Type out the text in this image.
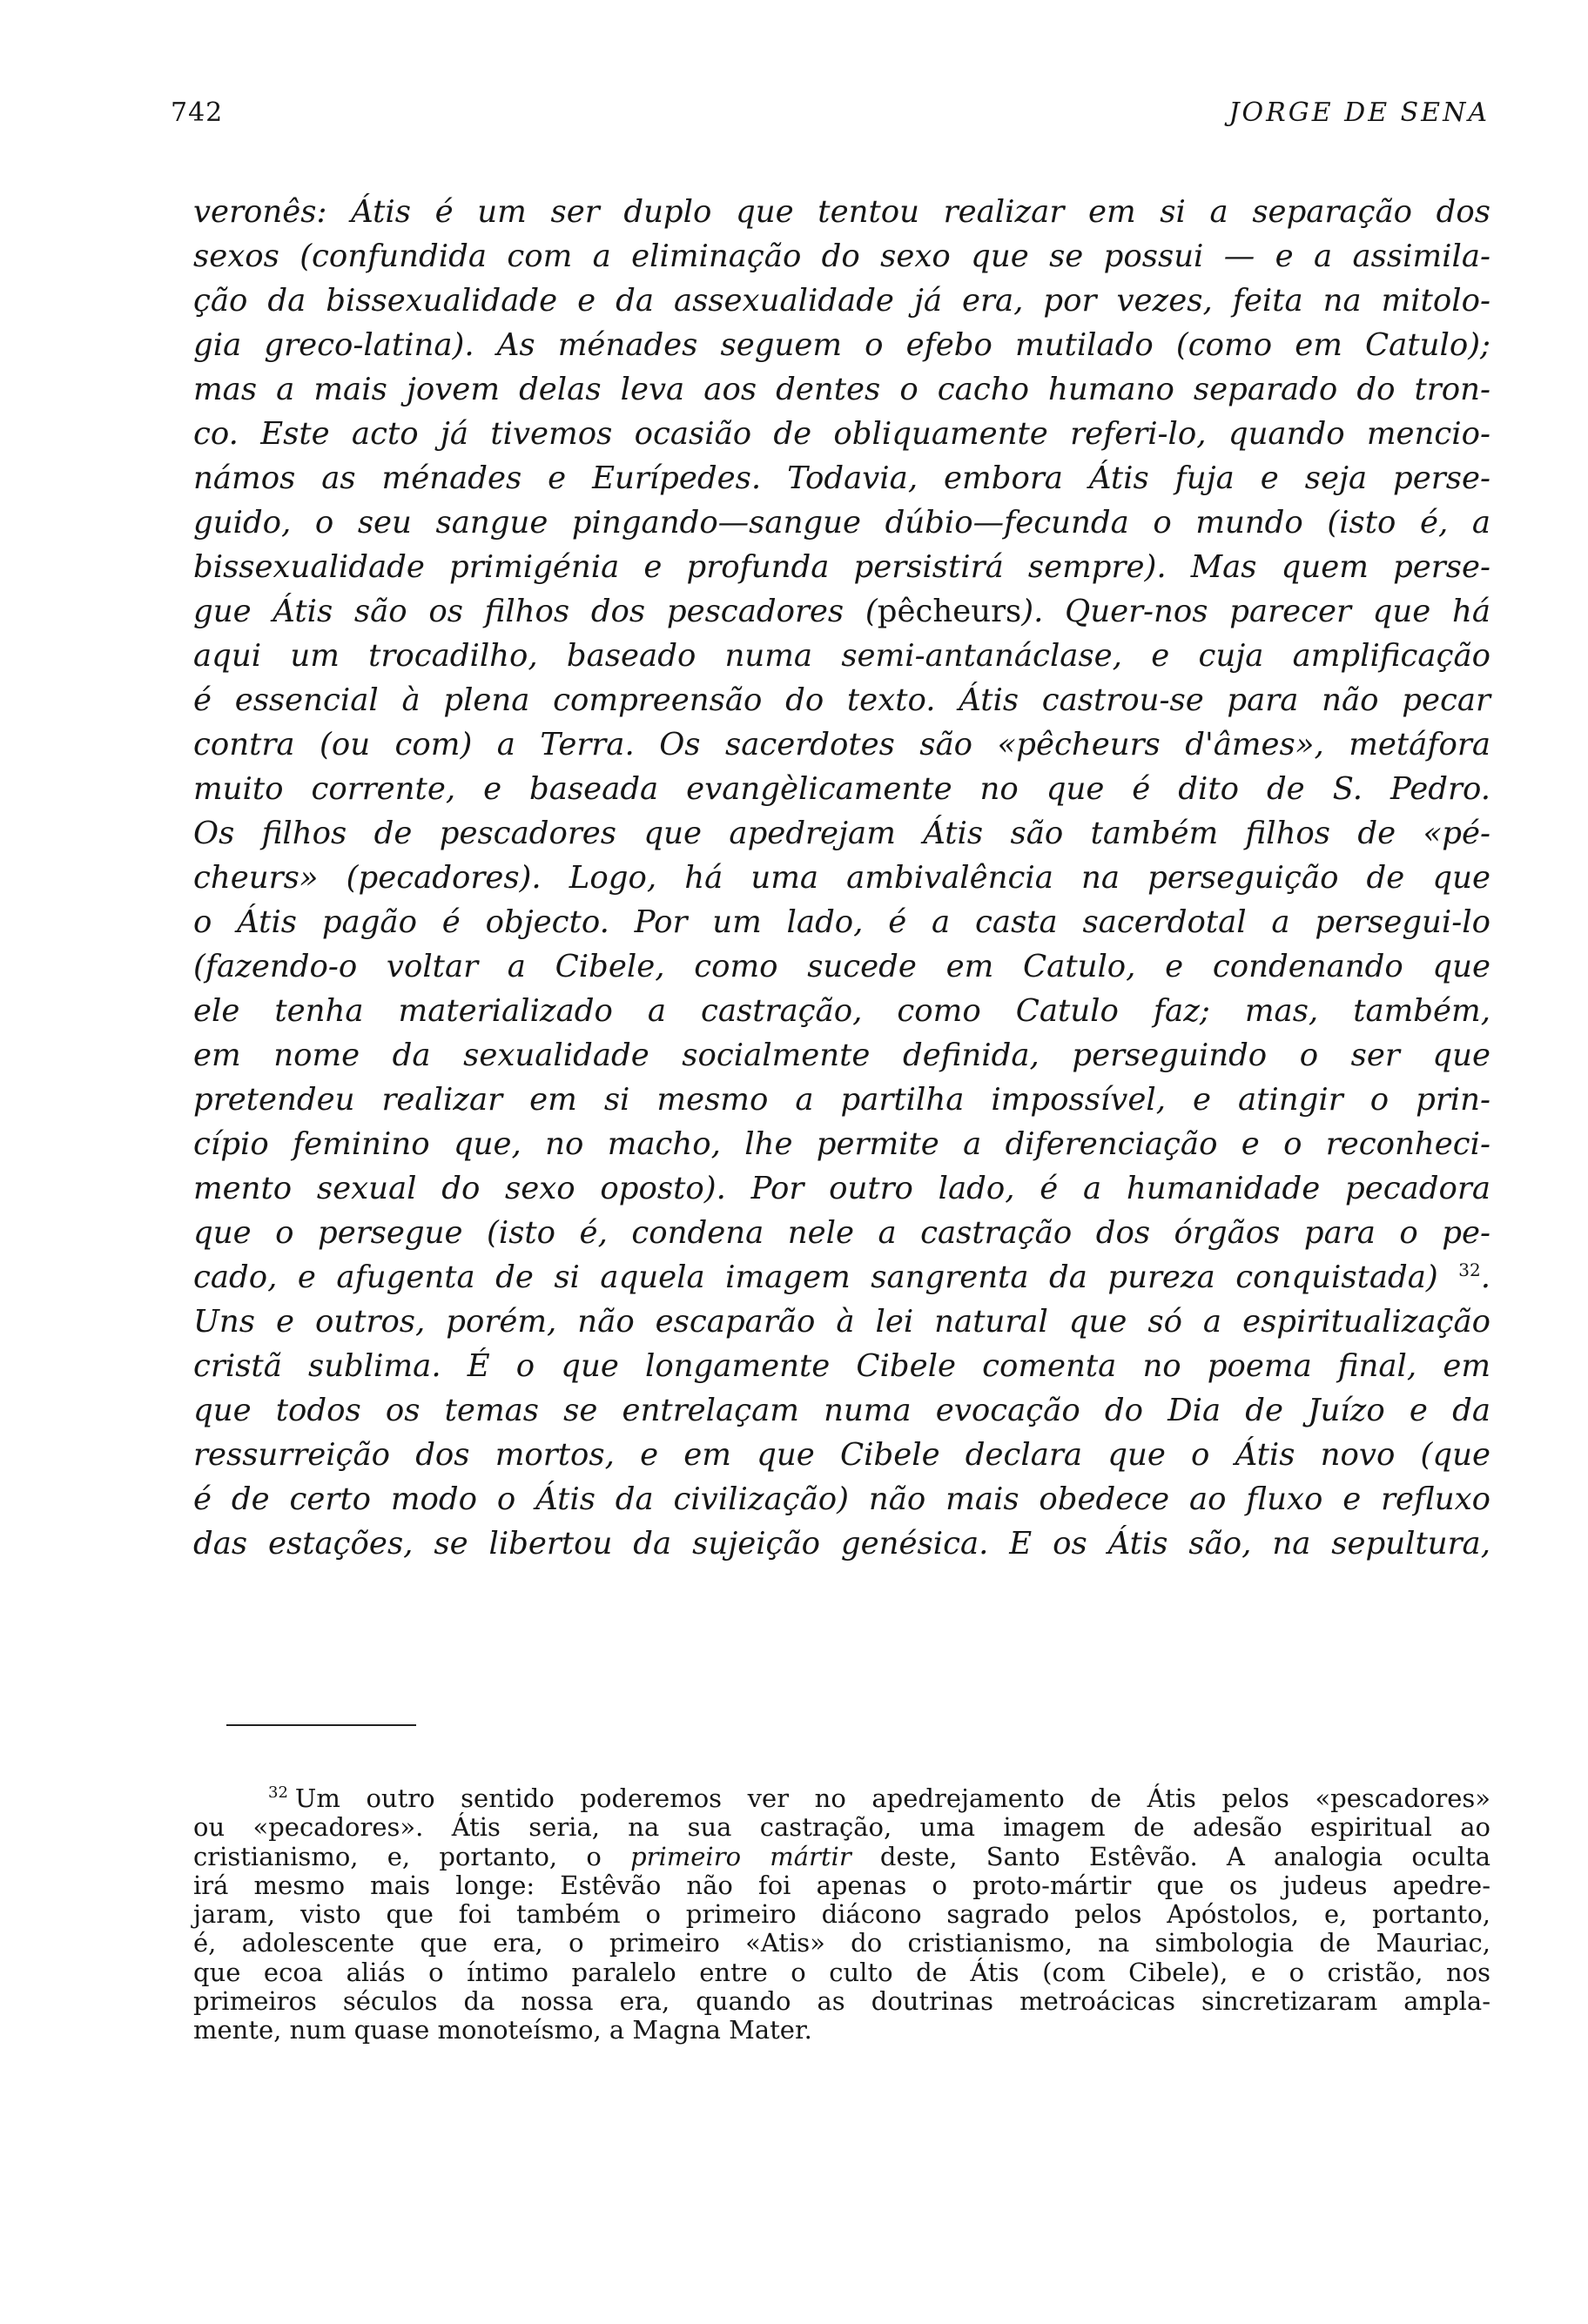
742	JORGE DE SENA
veronês: Átis é um ser duplo que tentou realizar em si a separação dos
sexos (confundida com a eliminação do sexo que se possui — e a assimila-
ção da bissexualidade e da assexualidade já era, por vezes, feita na mitolo-
gia greco-latina). As ménades seguem o efebo mutilado (como em Catulo);
mas a mais jovem delas leva aos dentes o cacho humano separado do tron-
co. Este acto já tivemos ocasião de obliquamente referi-lo, quando mencio-
námos as ménades e Eurípedes. Todavia, embora Átis fuja e seja perse-
guido, o seu sangue pingando—sangue dúbio—fecunda o mundo (isto é, a
bissexualidade primigénia e profunda persistirá sempre). Mas quem perse-
gue Átis são os filhos dos pescadores (pêcheurs). Quer-nos parecer que há
aqui um trocadilho, baseado numa semi-antanáclase, e cuja amplificação
é essencial à plena compreensão do texto. Átis castrou-se para não pecar
contra (ou com) a Terra. Os sacerdotes são «pêcheurs d'âmes», metáfora
muito corrente, e baseada evangèlicamente no que é dito de S. Pedro.
Os filhos de pescadores que apedrejam Átis são também filhos de «pé-
cheurs» (pecadores). Logo, há uma ambivalência na perseguição de que
o Átis pagão é objecto. Por um lado, é a casta sacerdotal a persegui-lo
(fazendo-o voltar a Cibele, como sucede em Catulo, e condenando que
ele tenha materializado a castração, como Catulo faz; mas, também,
em nome da sexualidade socialmente definida, perseguindo o ser que
pretendeu realizar em si mesmo a partilha impossível, e atingir o prin-
cípio feminino que, no macho, lhe permite a diferenciação e o reconheci-
mento sexual do sexo oposto). Por outro lado, é a humanidade pecadora
que o persegue (isto é, condena nele a castração dos órgãos para o pe-
cado, e afugenta de si aquela imagem sangrenta da pureza conquistada) $^{32}$.
Uns e outros, porém, não escaparão à lei natural que só a espiritualização
cristã sublima. É o que longamente Cibele comenta no poema final, em
que todos os temas se entrelaçam numa evocação do Dia de Juízo e da
ressurreição dos mortos, e em que Cibele declara que o Átis novo (que
é de certo modo o Átis da civilização) não mais obedece ao fluxo e refluxo
das estações, se libertou da sujeição genésica. E os Átis são, na sepultura,
$^{32}$ Um outro sentido poderemos ver no apedrejamento de Átis pelos «pescadores»
ou «pecadores». Átis seria, na sua castração, uma imagem de adesão espiritual ao
cristianismo, e, portanto, o primeiro mártir deste, Santo Estêvão. A analogia oculta
irá mesmo mais longe: Estêvão não foi apenas o proto-mártir que os judeus apedre-
jaram, visto que foi também o primeiro diácono sagrado pelos Apóstolos, e, portanto,
é, adolescente que era, o primeiro «Atis» do cristianismo, na simbologia de Mauriac,
que ecoa aliás o íntimo paralelo entre o culto de Átis (com Cibele), e o cristão, nos
primeiros séculos da nossa era, quando as doutrinas metroácicas sincretizaram ampla-
mente, num quase monoteísmo, a Magna Mater.
